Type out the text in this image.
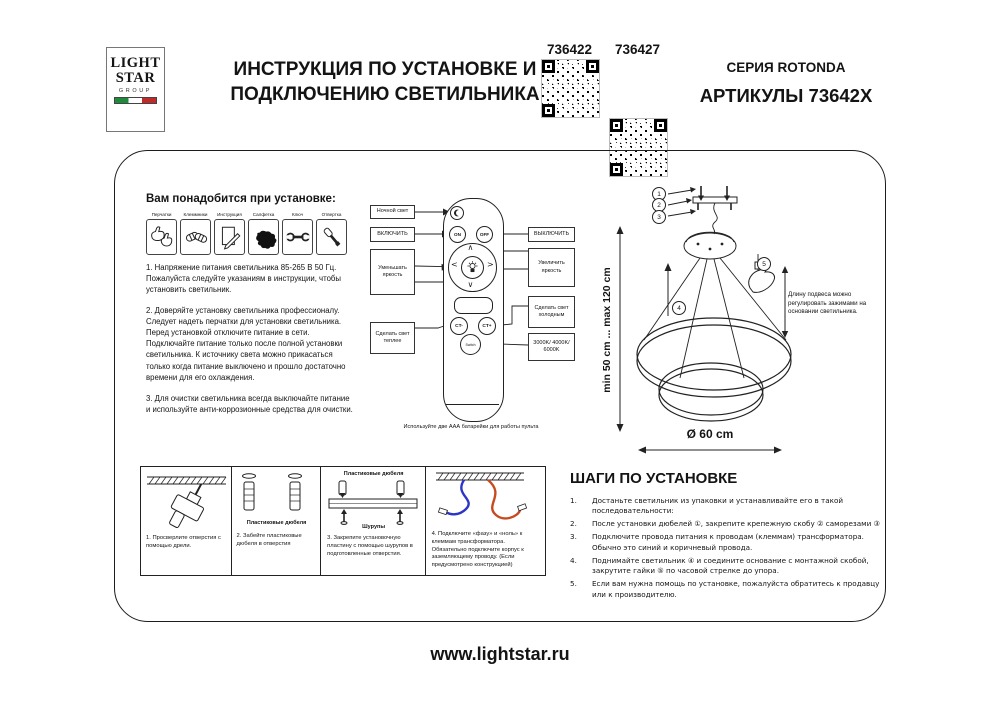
LIGHT
STAR
GROUP
ИНСТРУКЦИЯ ПО УСТАНОВКЕ И
ПОДКЛЮЧЕНИЮ СВЕТИЛЬНИКА
736422	736427
СЕРИЯ ROTONDA
АРТИКУЛЫ 73642X
Вам понадобится при установке:
Перчатки	Клеммники	Инструкция	Салфетка	Ключ	Отвертка

1. Напряжение питания светильника 85-265 В 50 Гц. Пожалуйста следуйте указаниям в инструкции, чтобы установить светильник.

2. Доверяйте установку светильника профессионалу. Следует надеть перчатки для установки светильника. Перед установкой отключите питание в сети. Подключайте питание только после полной установки светильника. К источнику света можно прикасаться только когда питание выключено и прошло достаточно времени для его охлаждения.

3. Для очистки светильника всегда выключайте питание и используйте анти-коррозионные средства для очистки.

ON	OFF
∧
∨
<	>
CT-	CT+
Switch
Ночной свет
ВКЛЮЧИТЬ
Уменьшать яркость
Сделать свет теплее
ВЫКЛЮЧИТЬ
Увеличить яркость
Сделать свет холодным
3000K/ 4000K/ 6000K
Используйте две ААА батарейки для работы пульта
1
2
3
4
5
min 50 cm ... max 120 cm
Ø 60 cm
Длину подвеса можно регулировать зажимами на основании светильника.
1. Просверлите отверстия с помощью дрели.
Пластиковые дюбеля
2. Забейте пластиковые дюбеля в отверстия
Пластиковые дюбеля
Шурупы
3. Закрепите установочную пластину с помощью шурупов в подготовленные отверстия.
4. Подключите «фазу» и «ноль» к клеммам трансформатора. Обязательно подключите корпус к заземляющему проводу. (Если предусмотрено конструкцией)
ШАГИ ПО УСТАНОВКЕ
1.	Достаньте светильник из упаковки и устанавливайте его в такой последовательности:
2.	После установки дюбелей ①, закрепите крепежную скобу ② саморезами ③
3.	Подключите провода питания к проводам (клеммам) трансформатора. Обычно это синий и коричневый провода.
4.	Поднимайте светильник ④ и соедините основание с монтажной скобой, закрутите гайки ⑤ по часовой стрелке до упора.
5.	Если вам нужна помощь по установке, пожалуйста обратитесь к продавцу или к производителю.
www.lightstar.ru
